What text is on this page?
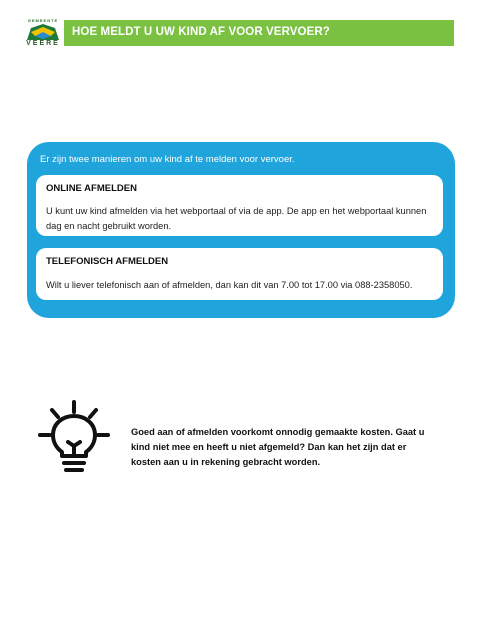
GEMEENTE
VEERE
HOE MELDT U UW KIND AF VOOR VERVOER?
Er zijn twee manieren om uw kind af te melden voor vervoer.
ONLINE AFMELDEN
U kunt uw kind afmelden via het webportaal of via de app. De app en het webportaal kunnen dag en nacht gebruikt worden.
TELEFONISCH AFMELDEN
Wilt u liever telefonisch aan of afmelden, dan kan dit van 7.00 tot 17.00 via 088-2358050.
Goed aan of afmelden voorkomt onnodig gemaakte kosten. Gaat u kind niet mee en heeft u niet afgemeld? Dan kan het zijn dat er kosten aan u in rekening gebracht worden.
